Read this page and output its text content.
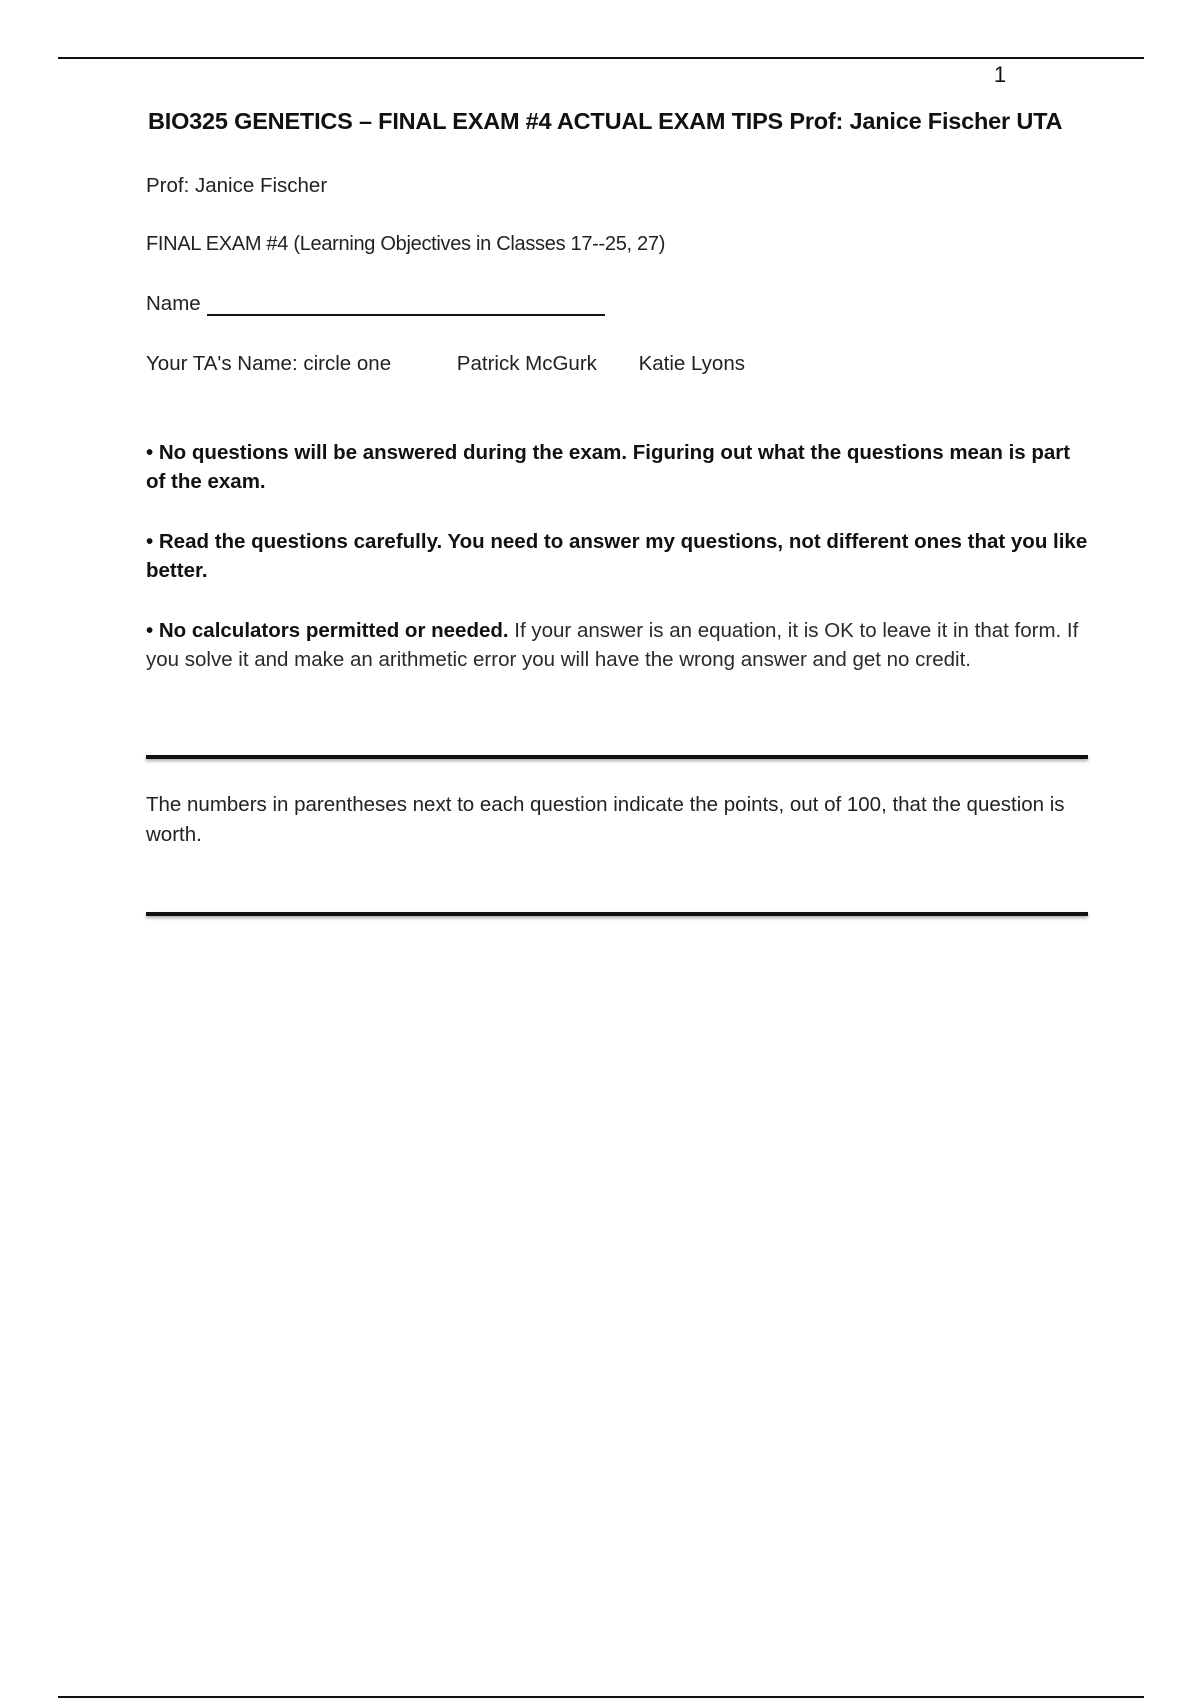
1
BIO325 GENETICS – FINAL EXAM #4 ACTUAL EXAM TIPS Prof: Janice Fischer UTA
Prof: Janice Fischer
FINAL EXAM #4 (Learning Objectives in Classes 17--25, 27)
Name
Your TA's Name: circle one	Patrick McGurk Katie Lyons
• No questions will be answered during the exam. Figuring out what the questions mean is part of the exam.
• Read the questions carefully. You need to answer my questions, not different ones that you like better.
• No calculators permitted or needed. If your answer is an equation, it is OK to leave it in that form. If you solve it and make an arithmetic error you will have the wrong answer and get no credit.
The numbers in parentheses next to each question indicate the points, out of 100, that the question is worth.
